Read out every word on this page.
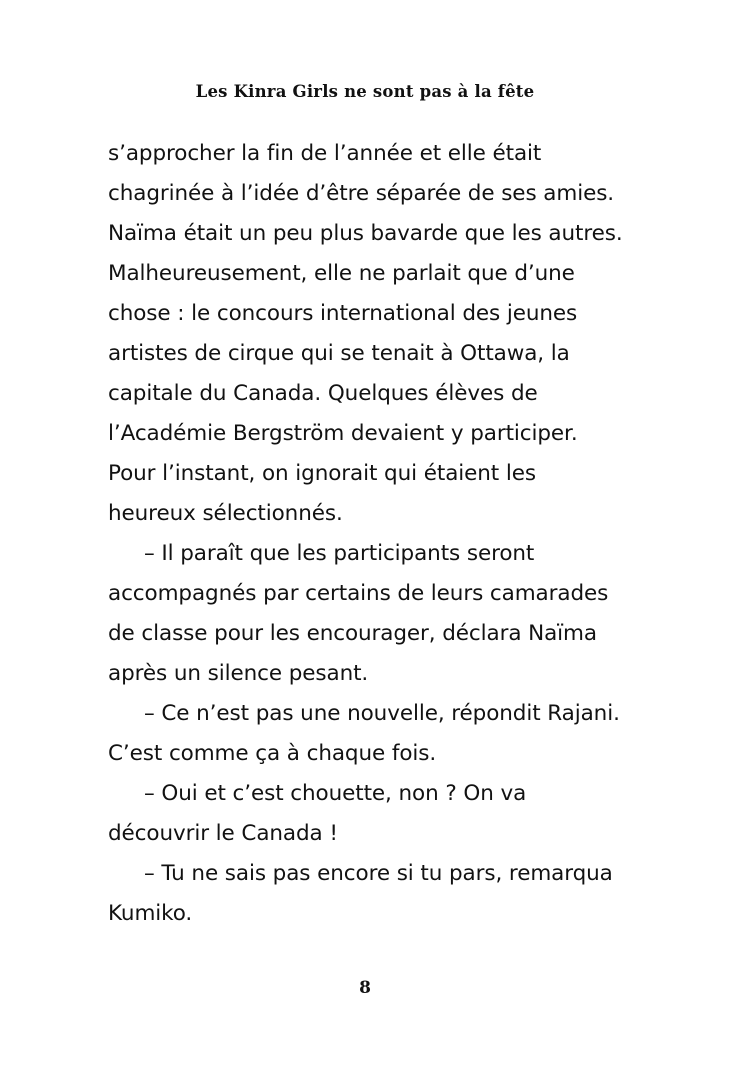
Les Kinra Girls ne sont pas à la fête

s’approcher la fin de l’année et elle était chagrinée à l’idée d’être séparée de ses amies. Naïma était un peu plus bavarde que les autres. Malheureusement, elle ne parlait que d’une chose : le concours international des jeunes artistes de cirque qui se tenait à Ottawa, la capitale du Canada. Quelques élèves de l’Académie Bergström devaient y participer. Pour l’instant, on ignorait qui étaient les heureux sélectionnés.

– Il paraît que les participants seront accompagnés par certains de leurs camarades de classe pour les encourager, déclara Naïma après un silence pesant.

– Ce n’est pas une nouvelle, répondit Rajani. C’est comme ça à chaque fois.

– Oui et c’est chouette, non ? On va découvrir le Canada !

– Tu ne sais pas encore si tu pars, remarqua Kumiko.

8
